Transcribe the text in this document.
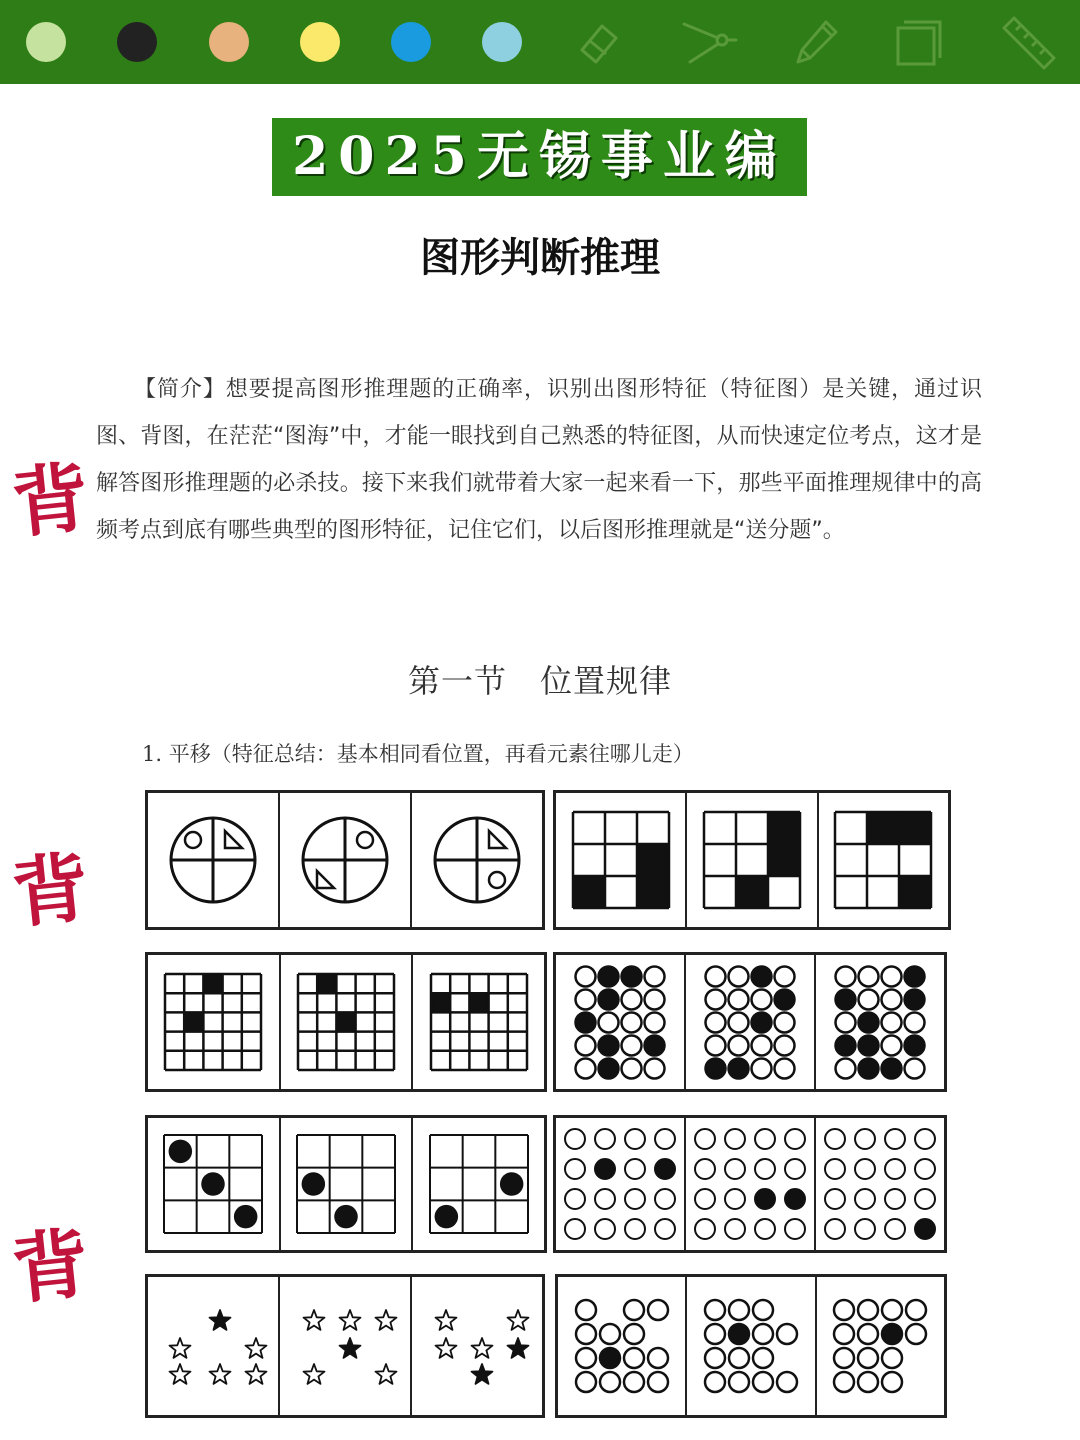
2025无锡事业编
图形判断推理
【简介】想要提高图形推理题的正确率，识别出图形特征（特征图）是关键，通过识图、背图，在茫茫“图海”中，才能一眼找到自己熟悉的特征图，从而快速定位考点，这才是解答图形推理题的必杀技。接下来我们就带着大家一起来看一下，那些平面推理规律中的高频考点到底有哪些典型的图形特征，记住它们，以后图形推理就是“送分题”。
背
第一节　位置规律
1. 平移（特征总结：基本相同看位置，再看元素往哪儿走）
背
背
